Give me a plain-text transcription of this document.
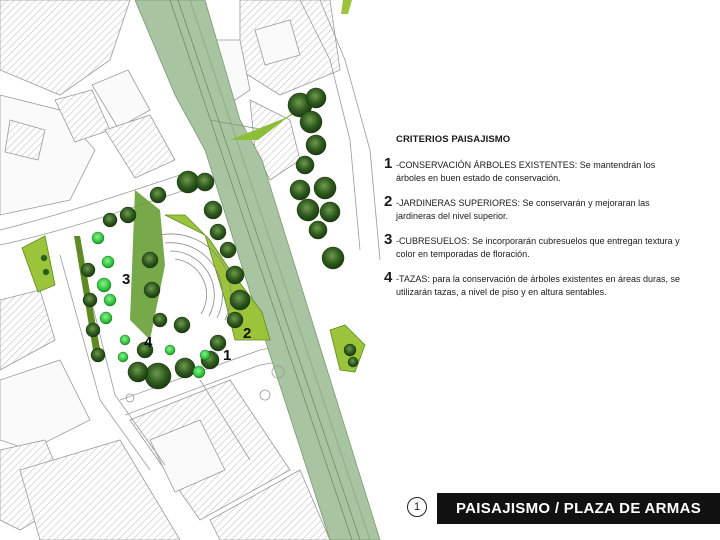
3
4
2
1
CRITERIOS PAISAJISMO
1 -CONSERVACIÓN ÁRBOLES EXISTENTES: Se mantendrán los árboles en buen estado de conservación.
2 -JARDINERAS SUPERIORES: Se conservarán y mejoraran las jardineras del nivel superior.
3 -CUBRESUELOS: Se incorporarán cubresuelos que entregan textura y color en temporadas de floración.
4 -TAZAS: para la conservación de árboles existentes en áreas duras, se utilizarán tazas, a nivel de piso y en altura sentables.
1	PAISAJISMO / PLAZA DE ARMAS
